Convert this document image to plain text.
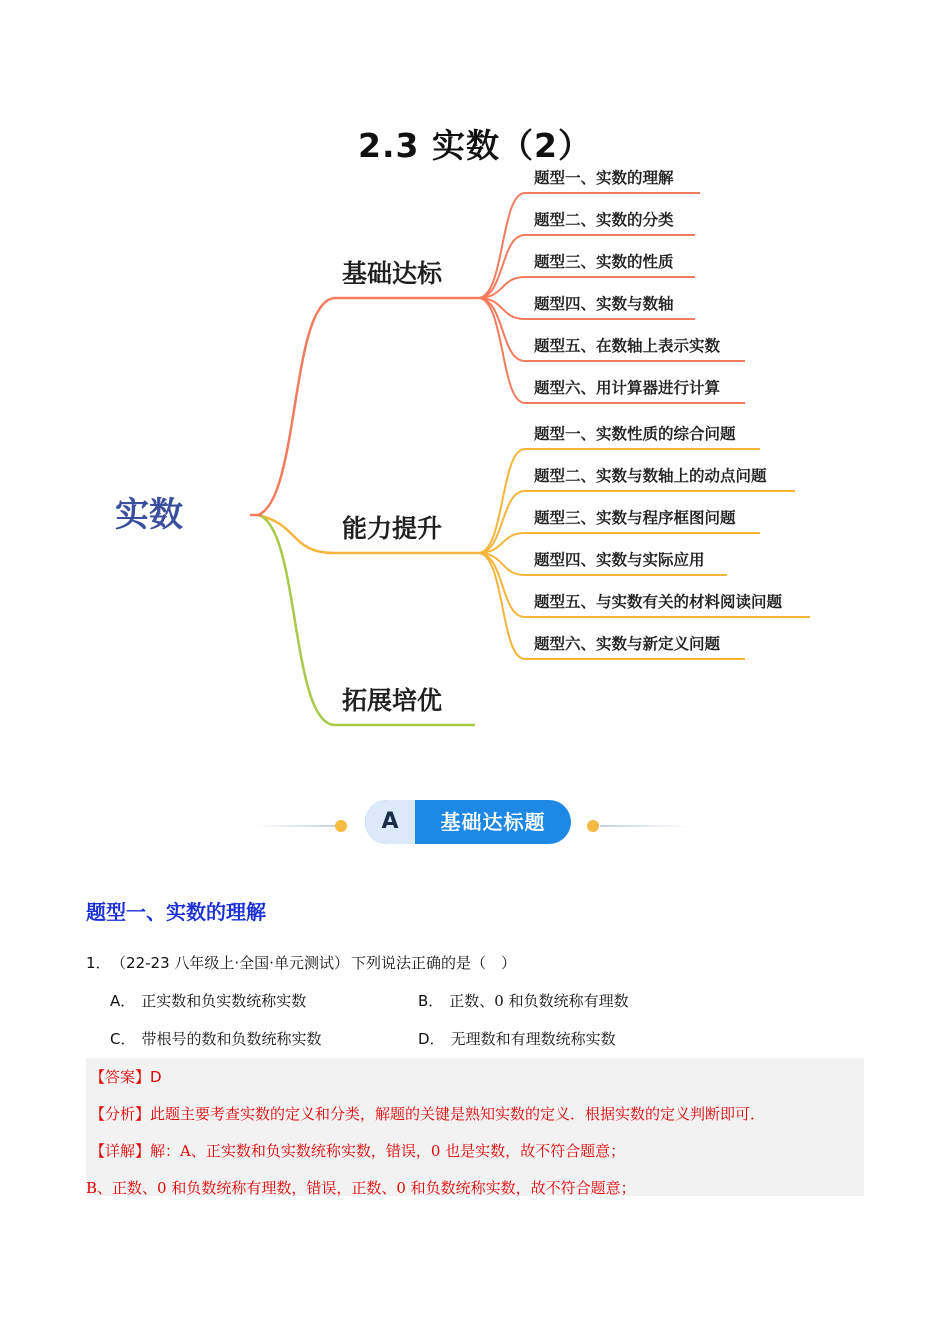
2.3 实数（2）
实数
基础达标
能力提升
拓展培优
题型一、实数的理解
题型二、实数的分类
题型三、实数的性质
题型四、实数与数轴
题型五、在数轴上表示实数
题型六、用计算器进行计算
题型一、实数性质的综合问题
题型二、实数与数轴上的动点问题
题型三、实数与程序框图问题
题型四、实数与实际应用
题型五、与实数有关的材料阅读问题
题型六、实数与新定义问题
A	基础达标题
题型一、实数的理解
1． （22-23 八年级上·全国·单元测试） 下列说法正确的是（　）
A． 正实数和负实数统称实数	B． 正数、0 和负数统称有理数
C． 带根号的数和负数统称实数	D． 无理数和有理数统称实数
【答案】D
【分析】此题主要考查实数的定义和分类，解题的关键是熟知实数的定义．根据实数的定义判断即可．
【详解】解：A、正实数和负实数统称实数，错误，0 也是实数，故不符合题意；
B、正数、0 和负数统称有理数，错误，正数、0 和负数统称实数，故不符合题意；
